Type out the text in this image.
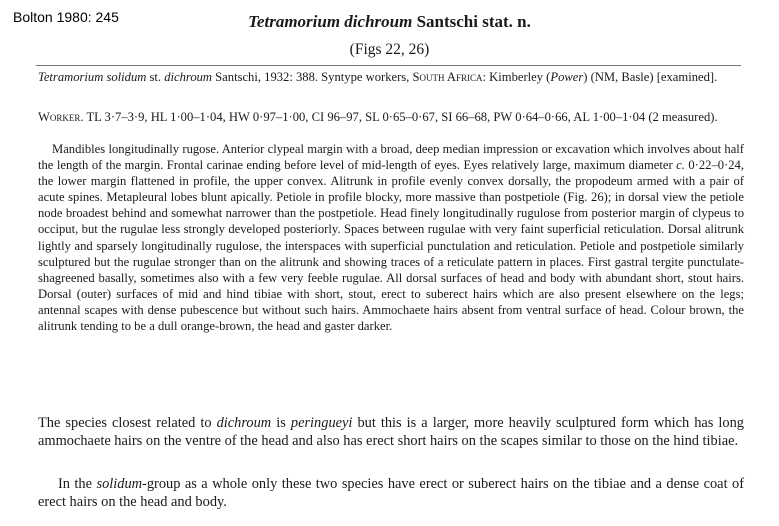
Bolton 1980: 245	Tetramorium dichroum Santschi stat. n.
(Figs 22, 26)

Tetramorium solidum st. dichroum Santschi, 1932: 388. Syntype workers, South Africa: Kimberley (Power) (NM, Basle) [examined].

Worker. TL 3·7–3·9, HL 1·00–1·04, HW 0·97–1·00, CI 96–97, SL 0·65–0·67, SI 66–68, PW 0·64–0·66, AL 1·00–1·04 (2 measured).

Mandibles longitudinally rugose. Anterior clypeal margin with a broad, deep median impression or excavation which involves about half the length of the margin. Frontal carinae ending before level of mid-length of eyes. Eyes relatively large, maximum diameter c. 0·22–0·24, the lower margin flattened in profile, the upper convex. Alitrunk in profile evenly convex dorsally, the propodeum armed with a pair of acute spines. Metapleural lobes blunt apically. Petiole in profile blocky, more massive than postpetiole (Fig. 26); in dorsal view the petiole node broadest behind and somewhat narrower than the postpetiole. Head finely longitudinally rugulose from posterior margin of clypeus to occiput, but the rugulae less strongly developed posteriorly. Spaces between rugulae with very faint superficial reticulation. Dorsal alitrunk lightly and sparsely longitudinally rugulose, the interspaces with superficial punctulation and reticulation. Petiole and postpetiole similarly sculptured but the rugulae stronger than on the alitrunk and showing traces of a reticulate pattern in places. First gastral tergite punctulate-shagreened basally, sometimes also with a few very feeble rugulae. All dorsal surfaces of head and body with abundant short, stout hairs. Dorsal (outer) surfaces of mid and hind tibiae with short, stout, erect to suberect hairs which are also present elsewhere on the legs; antennal scapes with dense pubescence but without such hairs. Ammochaete hairs absent from ventral surface of head. Colour brown, the alitrunk tending to be a dull orange-brown, the head and gaster darker.

The species closest related to dichroum is peringueyi but this is a larger, more heavily sculptured form which has long ammochaete hairs on the ventre of the head and also has erect short hairs on the scapes similar to those on the hind tibiae.

In the solidum-group as a whole only these two species have erect or suberect hairs on the tibiae and a dense coat of erect hairs on the head and body.
